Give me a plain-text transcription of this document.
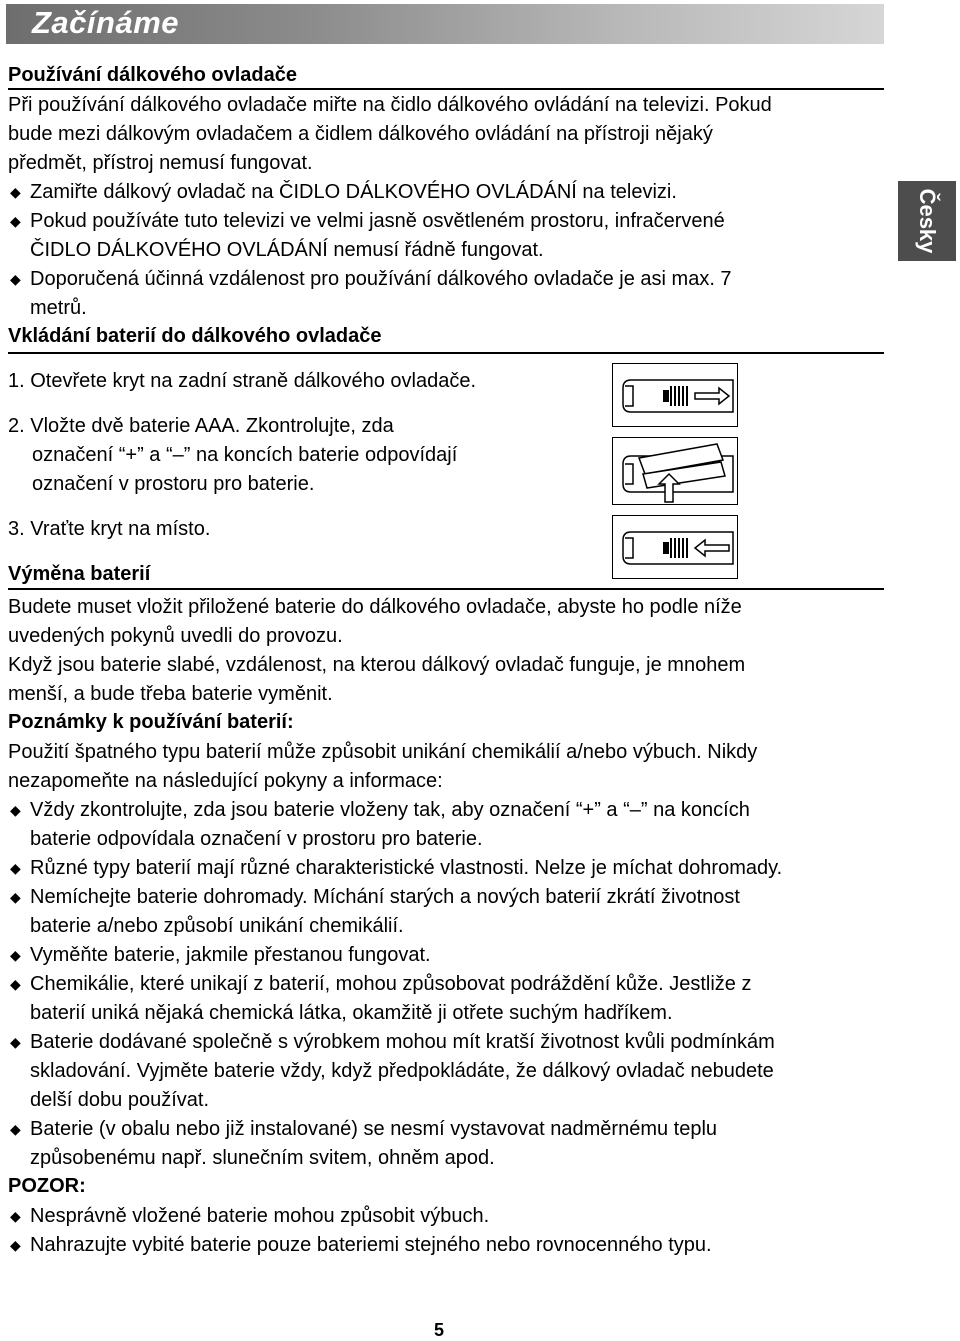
Začínáme
Česky
Používání dálkového ovladače
Při používání dálkového ovladače miřte na čidlo dálkového ovládání na televizi. Pokud
bude mezi dálkovým ovladačem a čidlem dálkového ovládání na přístroji nějaký
předmět, přístroj nemusí fungovat.
◆ Zamiřte dálkový ovladač na ČIDLO DÁLKOVÉHO OVLÁDÁNÍ na televizi.
◆ Pokud používáte tuto televizi ve velmi jasně osvětleném prostoru, infračervené
ČIDLO DÁLKOVÉHO OVLÁDÁNÍ nemusí řádně fungovat.
◆ Doporučená účinná vzdálenost pro používání dálkového ovladače je asi max. 7
metrů.
Vkládání baterií do dálkového ovladače
1. Otevřete kryt na zadní straně dálkového ovladače.
2. Vložte dvě baterie AAA. Zkontrolujte, zda
označení “+” a “–” na koncích baterie odpovídají
označení v prostoru pro baterie.
3. Vraťte kryt na místo.
Výměna baterií
Budete muset vložit přiložené baterie do dálkového ovladače, abyste ho podle níže
uvedených pokynů uvedli do provozu.
Když jsou baterie slabé, vzdálenost, na kterou dálkový ovladač funguje, je mnohem
menší, a bude třeba baterie vyměnit.
Poznámky k používání baterií:
Použití špatného typu baterií může způsobit unikání chemikálií a/nebo výbuch. Nikdy
nezapomeňte na následující pokyny a informace:
◆ Vždy zkontrolujte, zda jsou baterie vloženy tak, aby označení “+” a “–” na koncích
baterie odpovídala označení v prostoru pro baterie.
◆ Různé typy baterií mají různé charakteristické vlastnosti. Nelze je míchat dohromady.
◆ Nemíchejte baterie dohromady. Míchání starých a nových baterií zkrátí životnost
baterie a/nebo způsobí unikání chemikálií.
◆ Vyměňte baterie, jakmile přestanou fungovat.
◆ Chemikálie, které unikají z baterií, mohou způsobovat podráždění kůže. Jestliže z
baterií uniká nějaká chemická látka, okamžitě ji otřete suchým hadříkem.
◆ Baterie dodávané společně s výrobkem mohou mít kratší životnost kvůli podmínkám
skladování. Vyjměte baterie vždy, když předpokládáte, že dálkový ovladač nebudete
delší dobu používat.
◆ Baterie (v obalu nebo již instalované) se nesmí vystavovat nadměrnému teplu
způsobenému např. slunečním svitem, ohněm apod.
POZOR:
◆ Nesprávně vložené baterie mohou způsobit výbuch.
◆ Nahrazujte vybité baterie pouze bateriemi stejného nebo rovnocenného typu.
5
